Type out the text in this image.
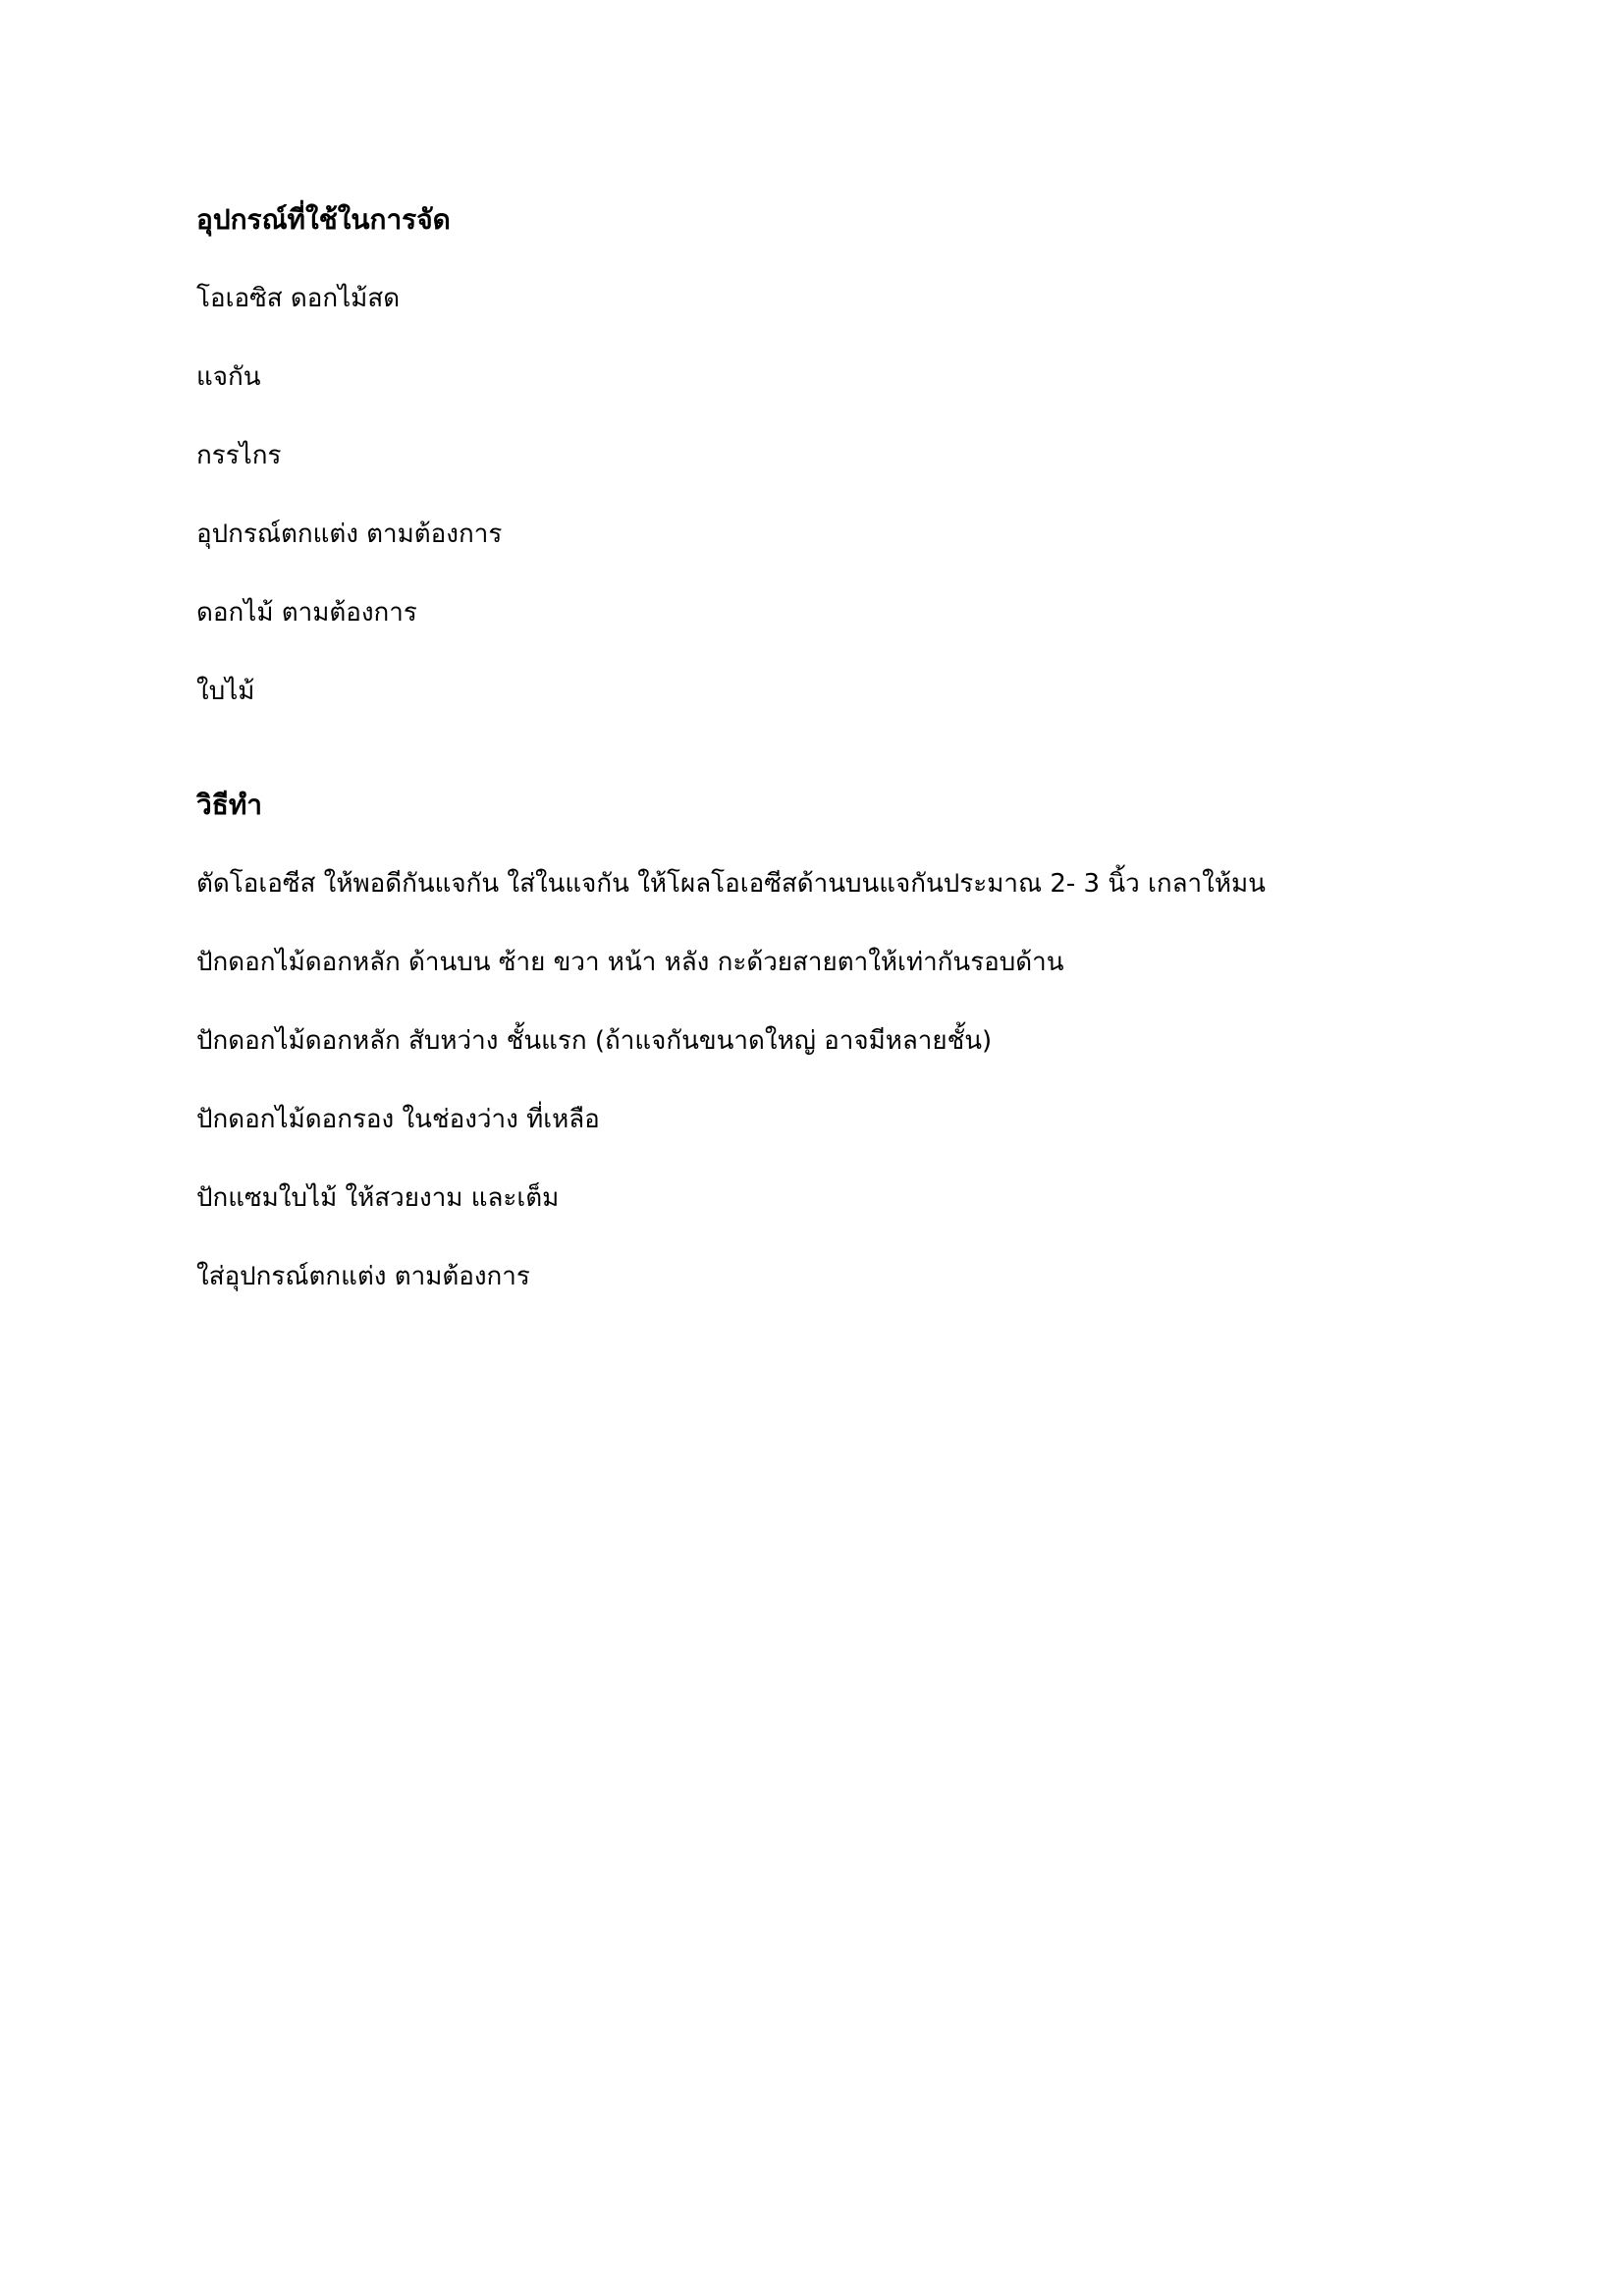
อุปกรณ์ที่ใช้ในการจัด

โอเอซิส ดอกไม้สด

แจกัน

กรรไกร

อุปกรณ์ตกแต่ง ตามต้องการ

ดอกไม้ ตามต้องการ

ใบไม้

วิธีทำ

ตัดโอเอซีส ให้พอดีกันแจกัน ใส่ในแจกัน ให้โผลโอเอซีสด้านบนแจกันประมาณ 2- 3 นิ้ว เกลาให้มน

ปักดอกไม้ดอกหลัก ด้านบน ซ้าย ขวา หน้า หลัง กะด้วยสายตาให้เท่ากันรอบด้าน

ปักดอกไม้ดอกหลัก สับหว่าง ชั้นแรก (ถ้าแจกันขนาดใหญ่ อาจมีหลายชั้น)

ปักดอกไม้ดอกรอง ในช่องว่าง ที่เหลือ

ปักแซมใบไม้ ให้สวยงาม และเต็ม

ใส่อุปกรณ์ตกแต่ง ตามต้องการ
